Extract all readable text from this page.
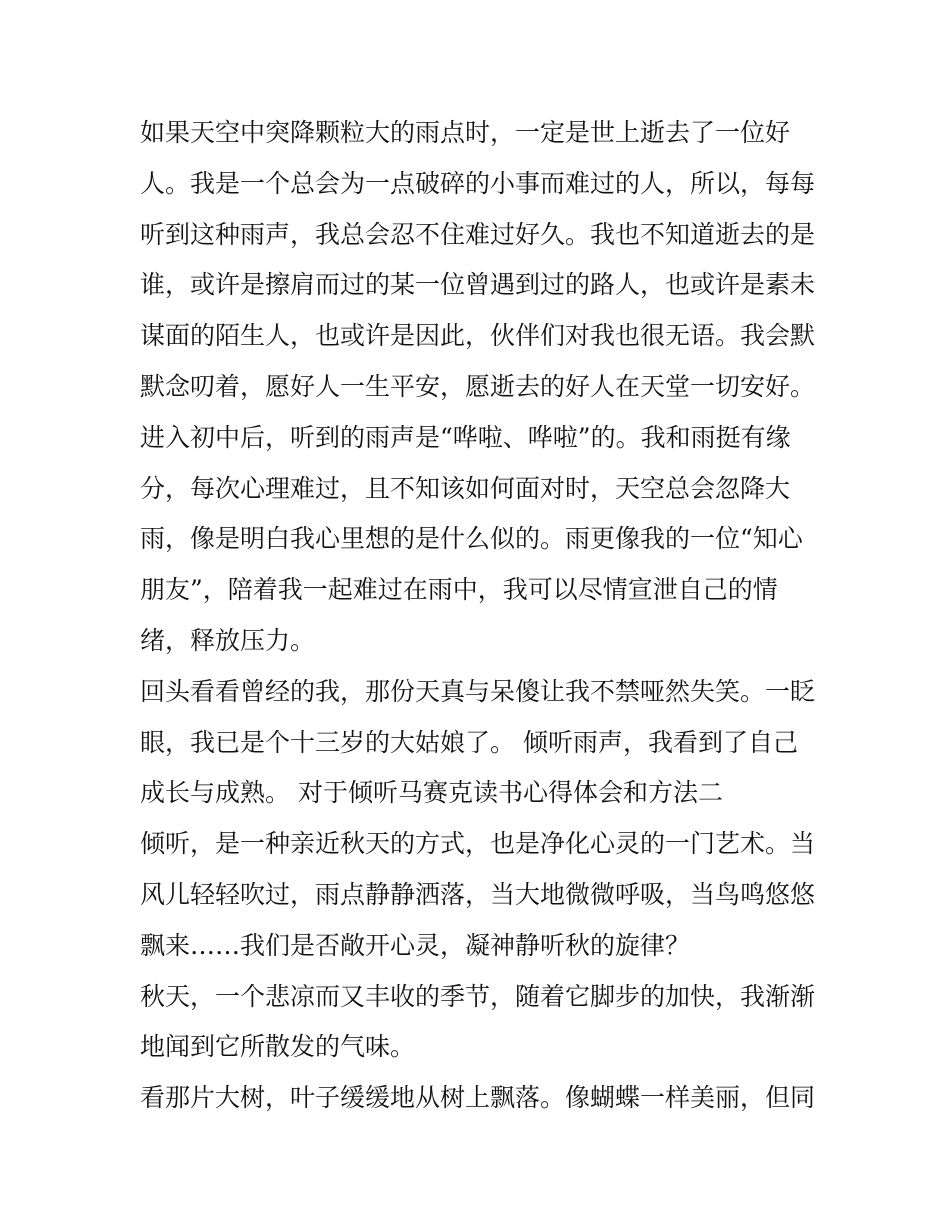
如果天空中突降颗粒大的雨点时，一定是世上逝去了一位好
人。我是一个总会为一点破碎的小事而难过的人，所以，每每
听到这种雨声，我总会忍不住难过好久。我也不知道逝去的是
谁，或许是擦肩而过的某一位曾遇到过的路人，也或许是素未
谋面的陌生人，也或许是因此，伙伴们对我也很无语。我会默
默念叨着，愿好人一生平安，愿逝去的好人在天堂一切安好。
进入初中后，听到的雨声是“哗啦、哗啦”的。我和雨挺有缘
分，每次心理难过，且不知该如何面对时，天空总会忽降大
雨，像是明白我心里想的是什么似的。雨更像我的一位“知心
朋友”，陪着我一起难过在雨中，我可以尽情宣泄自己的情
绪，释放压力。
回头看看曾经的我，那份天真与呆傻让我不禁哑然失笑。一眨
眼，我已是个十三岁的大姑娘了。 倾听雨声，我看到了自己
成长与成熟。 对于倾听马赛克读书心得体会和方法二
倾听，是一种亲近秋天的方式，也是净化心灵的一门艺术。当
风儿轻轻吹过，雨点静静洒落，当大地微微呼吸，当鸟鸣悠悠
飘来……我们是否敞开心灵，凝神静听秋的旋律？
秋天，一个悲凉而又丰收的季节，随着它脚步的加快，我渐渐
地闻到它所散发的气味。
看那片大树，叶子缓缓地从树上飘落。像蝴蝶一样美丽，但同
